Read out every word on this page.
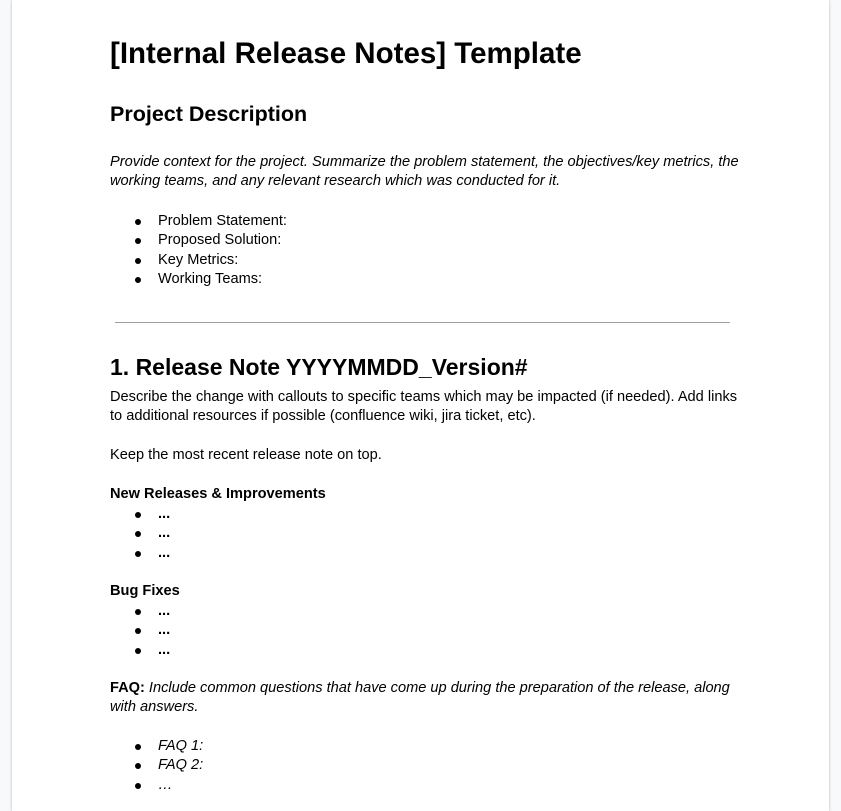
[Internal Release Notes] Template
Project Description

Provide context for the project. Summarize the problem statement, the objectives/key metrics, the working teams, and any relevant research which was conducted for it.

Problem Statement:
Proposed Solution:
Key Metrics:
Working Teams:
1. Release Note YYYYMMDD_Version#

Describe the change with callouts to specific teams which may be impacted (if needed). Add links to additional resources if possible (confluence wiki, jira ticket, etc).

Keep the most recent release note on top.

New Releases & Improvements

...
...
...

Bug Fixes

...
...
...

FAQ: Include common questions that have come up during the preparation of the release, along with answers.

FAQ 1:
FAQ 2:
…
